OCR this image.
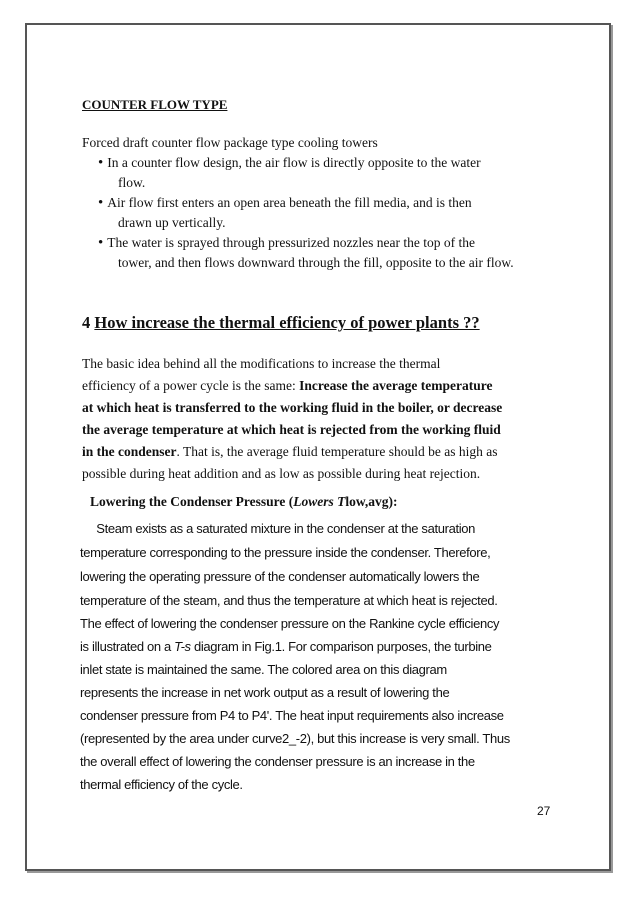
COUNTER FLOW TYPE
Forced draft counter flow package type cooling towers
• In a counter flow design, the air flow is directly opposite to the water
flow.
• Air flow first enters an open area beneath the fill media, and is then
drawn up vertically.
• The water is sprayed through pressurized nozzles near the top of the
tower, and then flows downward through the fill, opposite to the air flow.
4 How increase the thermal efficiency of power plants ??
The basic idea behind all the modifications to increase the thermal
efficiency of a power cycle is the same: Increase the average temperature
at which heat is transferred to the working fluid in the boiler, or decrease
the average temperature at which heat is rejected from the working fluid
in the condenser. That is, the average fluid temperature should be as high as
possible during heat addition and as low as possible during heat rejection.
Lowering the Condenser Pressure (Lowers Tlow,avg):
Steam exists as a saturated mixture in the condenser at the saturation
temperature corresponding to the pressure inside the condenser. Therefore,
lowering the operating pressure of the condenser automatically lowers the
temperature of the steam, and thus the temperature at which heat is rejected.
The effect of lowering the condenser pressure on the Rankine cycle efficiency
is illustrated on a T-s diagram in Fig.1. For comparison purposes, the turbine
inlet state is maintained the same. The colored area on this diagram
represents the increase in net work output as a result of lowering the
condenser pressure from P4 to P4'. The heat input requirements also increase
(represented by the area under curve2_-2), but this increase is very small. Thus
the overall effect of lowering the condenser pressure is an increase in the
thermal efficiency of the cycle.
27
